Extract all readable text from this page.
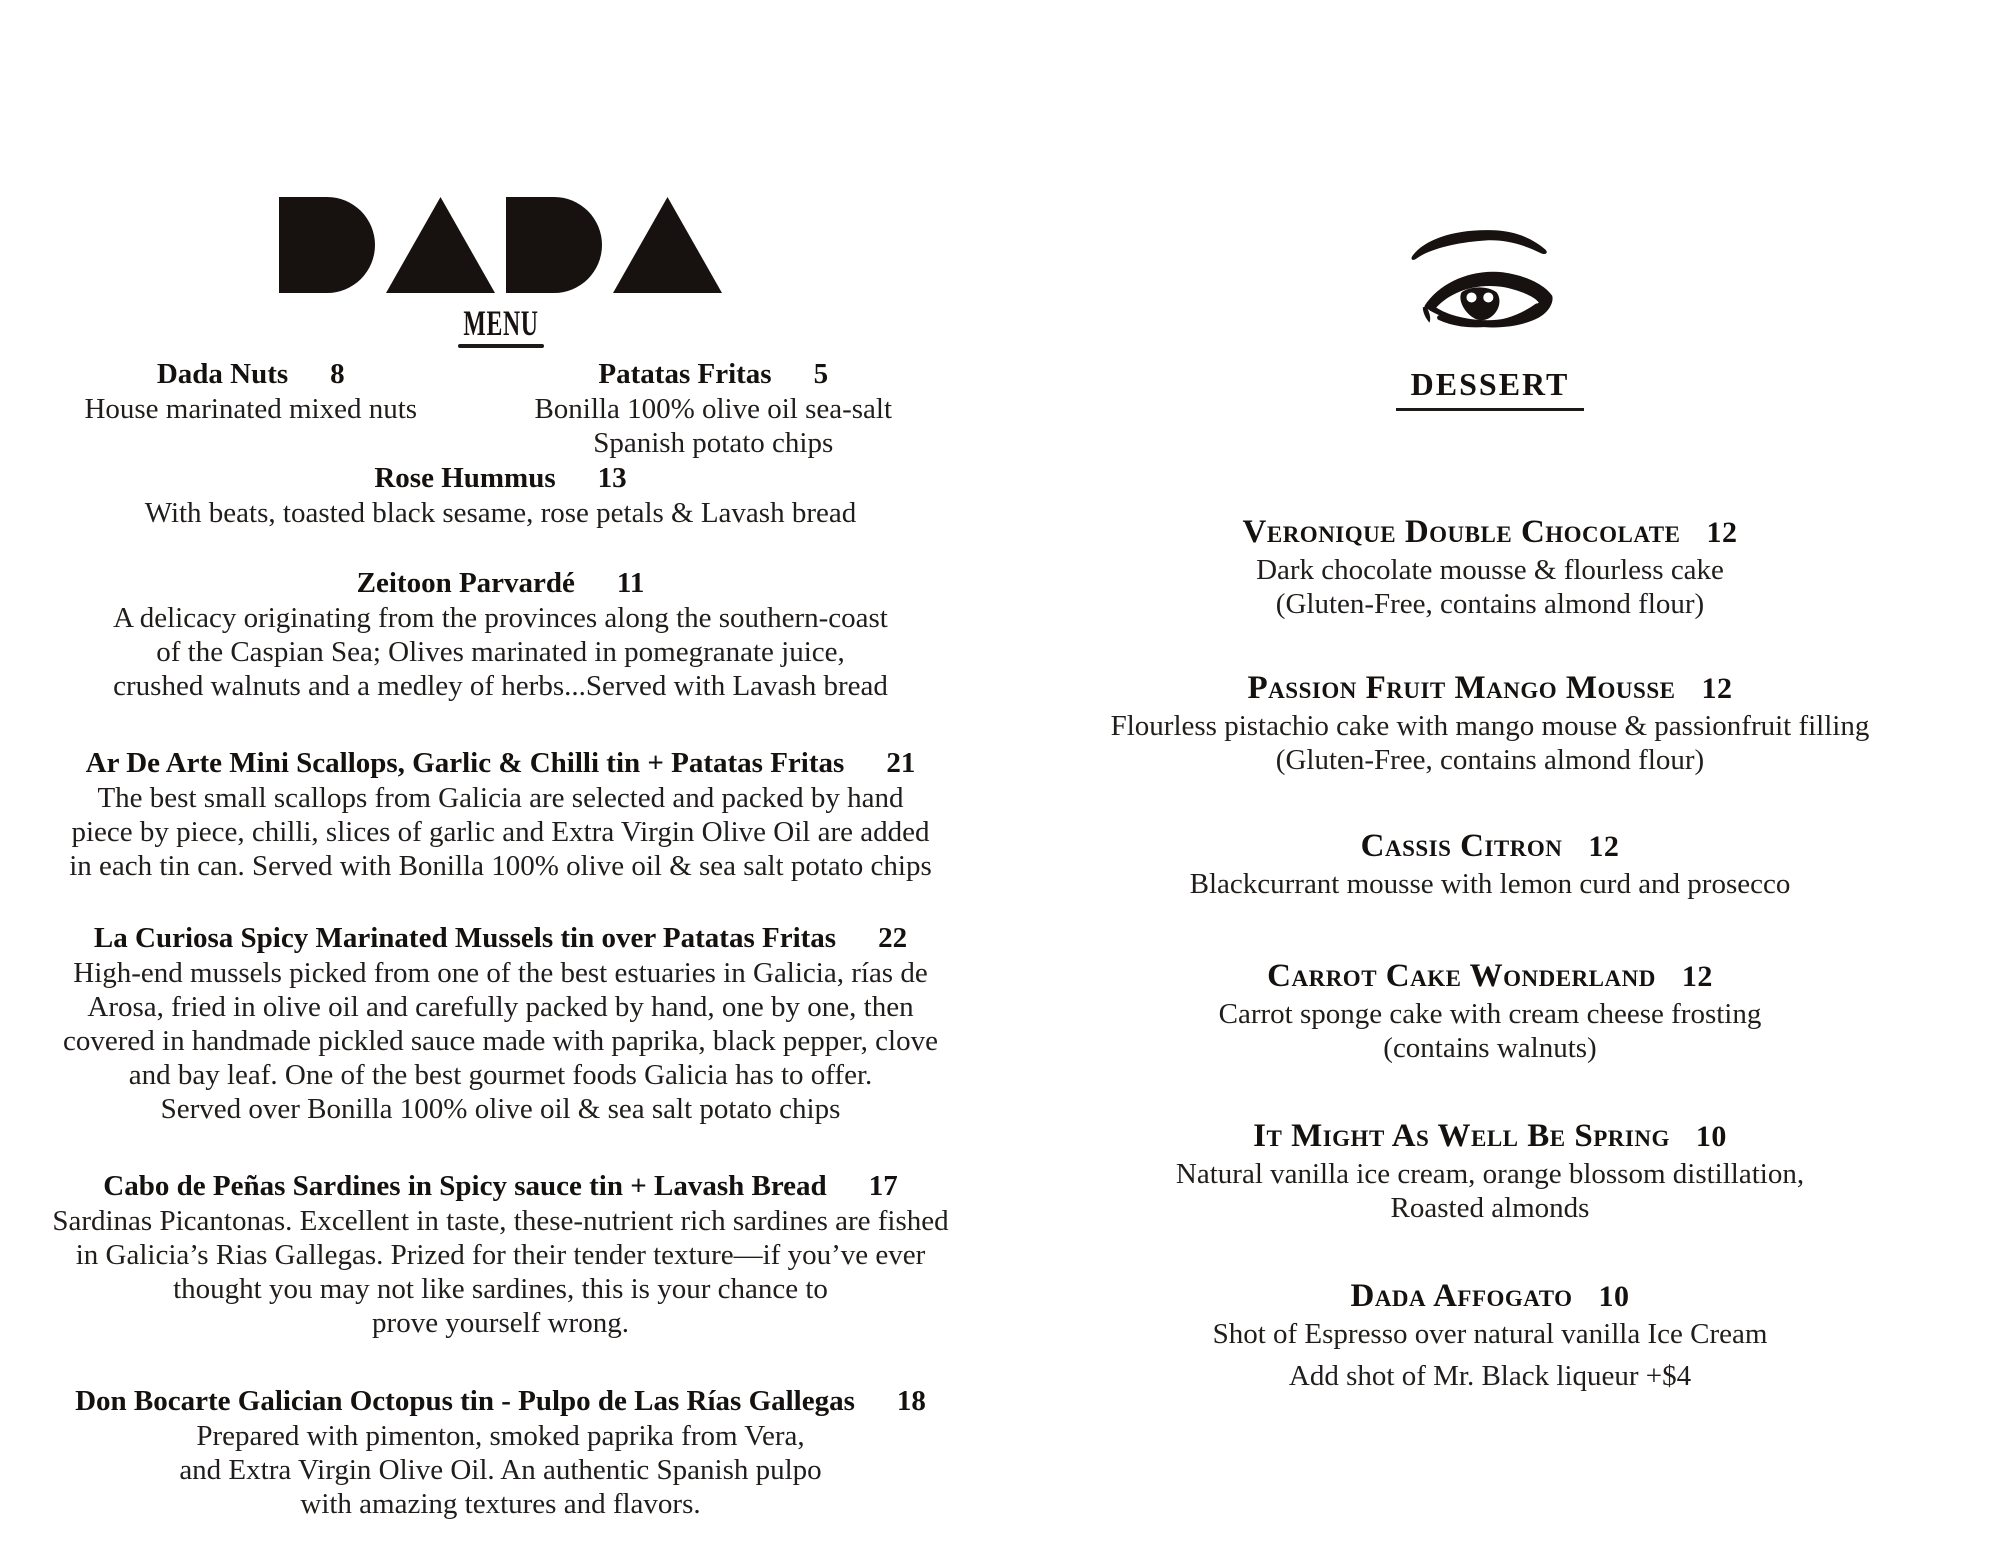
MENU
Dada Nuts 8
House marinated mixed nuts
Patatas Fritas 5
Bonilla 100% olive oil sea-salt
Spanish potato chips
Rose Hummus 13
With beats, toasted black sesame, rose petals & Lavash bread
Zeitoon Parvardé 11
A delicacy originating from the provinces along the southern-coast
of the Caspian Sea; Olives marinated in pomegranate juice,
crushed walnuts and a medley of herbs...Served with Lavash bread
Ar De Arte Mini Scallops, Garlic & Chilli tin + Patatas Fritas 21
The best small scallops from Galicia are selected and packed by hand
piece by piece, chilli, slices of garlic and Extra Virgin Olive Oil are added
in each tin can. Served with Bonilla 100% olive oil & sea salt potato chips
La Curiosa Spicy Marinated Mussels tin over Patatas Fritas 22
High-end mussels picked from one of the best estuaries in Galicia, rías de
Arosa, fried in olive oil and carefully packed by hand, one by one, then
covered in handmade pickled sauce made with paprika, black pepper, clove
and bay leaf. One of the best gourmet foods Galicia has to offer.
Served over Bonilla 100% olive oil & sea salt potato chips
Cabo de Peñas Sardines in Spicy sauce tin + Lavash Bread 17
Sardinas Picantonas. Excellent in taste, these-nutrient rich sardines are fished
in Galicia’s Rias Gallegas. Prized for their tender texture—if you’ve ever
thought you may not like sardines, this is your chance to
prove yourself wrong.
Don Bocarte Galician Octopus tin - Pulpo de Las Rías Gallegas 18
Prepared with pimenton, smoked paprika from Vera,
and Extra Virgin Olive Oil. An authentic Spanish pulpo
with amazing textures and flavors.
DESSERT
Veronique Double Chocolate 12
Dark chocolate mousse & flourless cake
(Gluten-Free, contains almond flour)
Passion Fruit Mango Mousse 12
Flourless pistachio cake with mango mouse & passionfruit filling
(Gluten-Free, contains almond flour)
Cassis Citron 12
Blackcurrant mousse with lemon curd and prosecco
Carrot Cake Wonderland 12
Carrot sponge cake with cream cheese frosting
(contains walnuts)
It Might As Well Be Spring 10
Natural vanilla ice cream, orange blossom distillation,
Roasted almonds
Dada Affogato 10
Shot of Espresso over natural vanilla Ice Cream
Add shot of Mr. Black liqueur +$4
